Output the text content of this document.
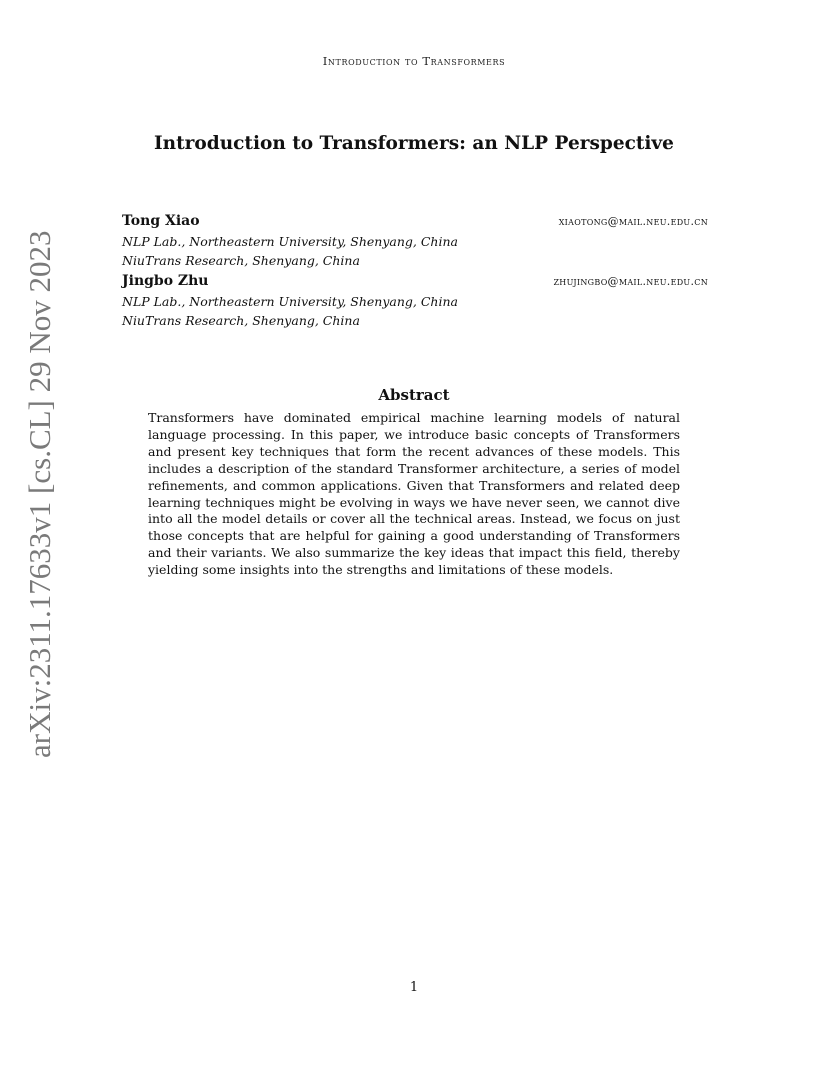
Introduction to Transformers
Introduction to Transformers: an NLP Perspective
Tong Xiao	xiaotong@mail.neu.edu.cn
NLP Lab., Northeastern University, Shenyang, China
NiuTrans Research, Shenyang, China
Jingbo Zhu	zhujingbo@mail.neu.edu.cn
NLP Lab., Northeastern University, Shenyang, China
NiuTrans Research, Shenyang, China
Abstract

Transformers have dominated empirical machine learning models of natural language processing. In this paper, we introduce basic concepts of Transformers and present key techniques that form the recent advances of these models. This includes a description of the standard Transformer architecture, a series of model refinements, and common applications. Given that Transformers and related deep learning techniques might be evolving in ways we have never seen, we cannot dive into all the model details or cover all the technical areas. Instead, we focus on just those concepts that are helpful for gaining a good understanding of Transformers and their variants. We also summarize the key ideas that impact this field, thereby yielding some insights into the strengths and limitations of these models.

arXiv:2311.17633v1 [cs.CL] 29 Nov 2023
1
